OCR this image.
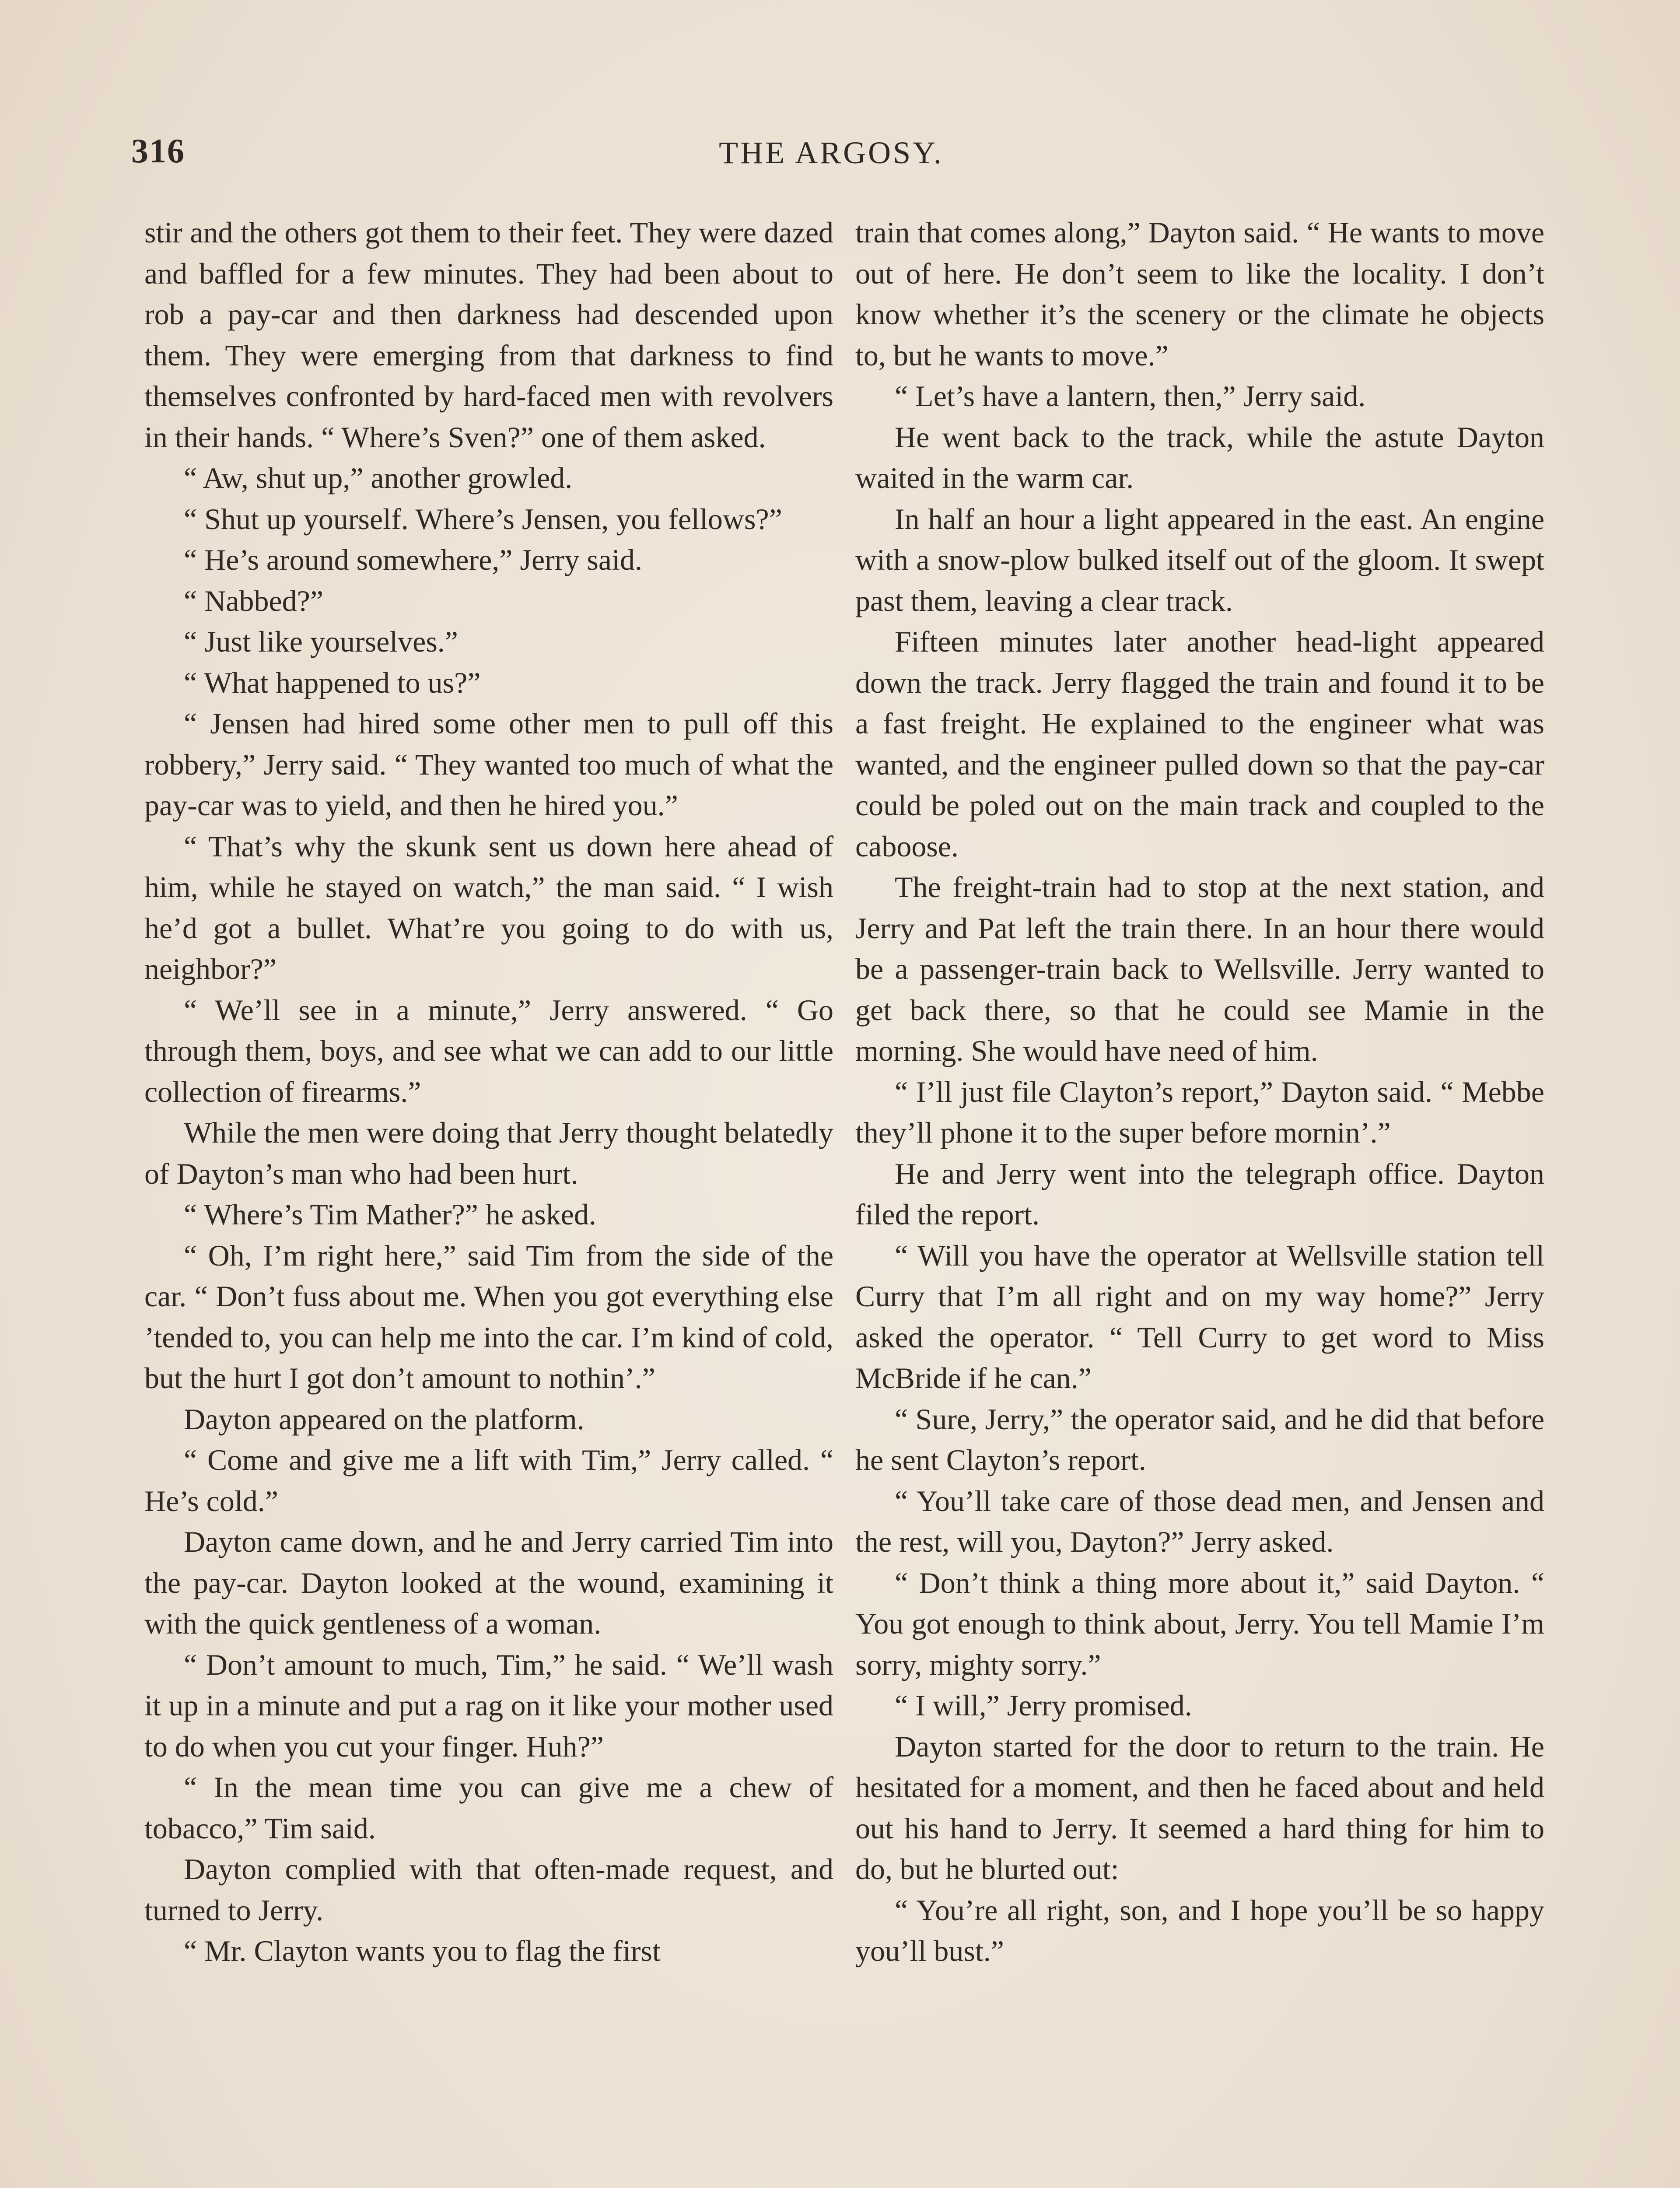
316	THE ARGOSY.

stir and the others got them to their feet. They were dazed and baffled for a few minutes. They had been about to rob a pay-car and then darkness had descended upon them. They were emerging from that darkness to find themselves confronted by hard-faced men with revolvers in their hands. “ Where’s Sven?” one of them asked.

“ Aw, shut up,” another growled.

“ Shut up yourself. Where’s Jensen, you fellows?”

“ He’s around somewhere,” Jerry said.

“ Nabbed?”

“ Just like yourselves.”

“ What happened to us?”

“ Jensen had hired some other men to pull off this robbery,” Jerry said. “ They wanted too much of what the pay-car was to yield, and then he hired you.”

“ That’s why the skunk sent us down here ahead of him, while he stayed on watch,” the man said. “ I wish he’d got a bullet. What’re you going to do with us, neighbor?”

“ We’ll see in a minute,” Jerry answered. “ Go through them, boys, and see what we can add to our little collection of firearms.”

While the men were doing that Jerry thought belatedly of Dayton’s man who had been hurt.

“ Where’s Tim Mather?” he asked.

“ Oh, I’m right here,” said Tim from the side of the car. “ Don’t fuss about me. When you got everything else ’tended to, you can help me into the car. I’m kind of cold, but the hurt I got don’t amount to nothin’.”

Dayton appeared on the platform.

“ Come and give me a lift with Tim,” Jerry called. “ He’s cold.”

Dayton came down, and he and Jerry carried Tim into the pay-car. Dayton looked at the wound, examining it with the quick gentleness of a woman.

“ Don’t amount to much, Tim,” he said. “ We’ll wash it up in a minute and put a rag on it like your mother used to do when you cut your finger. Huh?”

“ In the mean time you can give me a chew of tobacco,” Tim said.

Dayton complied with that often-made request, and turned to Jerry.

“ Mr. Clayton wants you to flag the first

train that comes along,” Dayton said. “ He wants to move out of here. He don’t seem to like the locality. I don’t know whether it’s the scenery or the climate he objects to, but he wants to move.”

“ Let’s have a lantern, then,” Jerry said.

He went back to the track, while the astute Dayton waited in the warm car.

In half an hour a light appeared in the east. An engine with a snow-plow bulked itself out of the gloom. It swept past them, leaving a clear track.

Fifteen minutes later another head-light appeared down the track. Jerry flagged the train and found it to be a fast freight. He explained to the engineer what was wanted, and the engineer pulled down so that the pay-car could be poled out on the main track and coupled to the caboose.

The freight-train had to stop at the next station, and Jerry and Pat left the train there. In an hour there would be a passenger-train back to Wellsville. Jerry wanted to get back there, so that he could see Mamie in the morning. She would have need of him.

“ I’ll just file Clayton’s report,” Dayton said. “ Mebbe they’ll phone it to the super before mornin’.”

He and Jerry went into the telegraph office. Dayton filed the report.

“ Will you have the operator at Wellsville station tell Curry that I’m all right and on my way home?” Jerry asked the operator. “ Tell Curry to get word to Miss McBride if he can.”

“ Sure, Jerry,” the operator said, and he did that before he sent Clayton’s report.

“ You’ll take care of those dead men, and Jensen and the rest, will you, Dayton?” Jerry asked.

“ Don’t think a thing more about it,” said Dayton. “ You got enough to think about, Jerry. You tell Mamie I’m sorry, mighty sorry.”

“ I will,” Jerry promised.

Dayton started for the door to return to the train. He hesitated for a moment, and then he faced about and held out his hand to Jerry. It seemed a hard thing for him to do, but he blurted out:

“ You’re all right, son, and I hope you’ll be so happy you’ll bust.”
